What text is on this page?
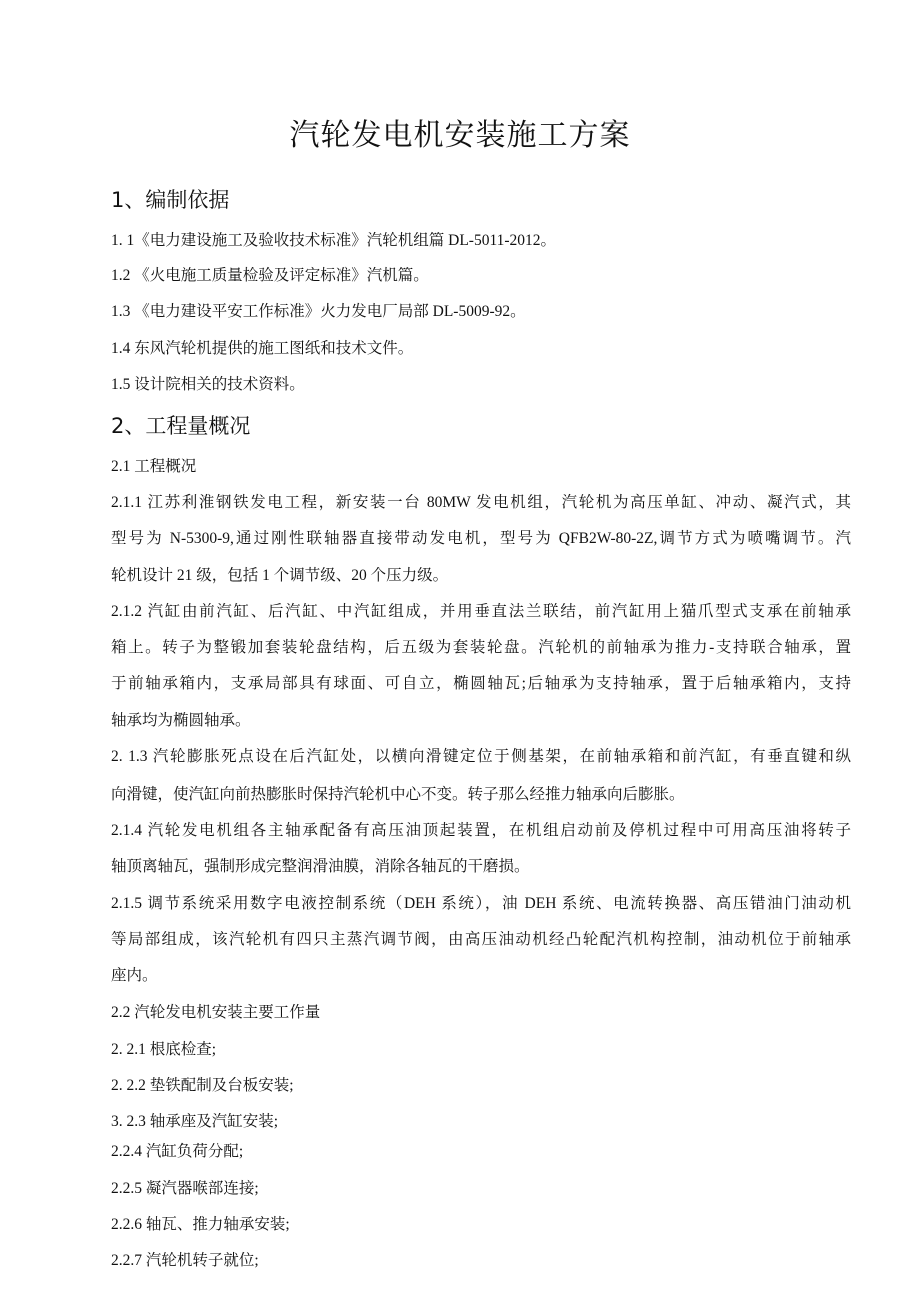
汽轮发电机安装施工方案
1、编制依据
1. 1《电力建设施工及验收技术标准》汽轮机组篇 DL-5011-2012。
1.2 《火电施工质量检验及评定标准》汽机篇。
1.3 《电力建设平安工作标准》火力发电厂局部 DL-5009-92。
1.4 东风汽轮机提供的施工图纸和技术文件。
1.5 设计院相关的技术资料。
2、工程量概况
2.1 工程概况
2.1.1 江苏利淮钢铁发电工程，新安装一台 80MW 发电机组，汽轮机为高压单缸、冲动、凝汽式，其
型号为 N-5300-9,通过刚性联轴器直接带动发电机，型号为 QFB2W-80-2Z,调节方式为喷嘴调节。汽
轮机设计 21 级，包括 1 个调节级、20 个压力级。
2.1.2 汽缸由前汽缸、后汽缸、中汽缸组成，并用垂直法兰联结，前汽缸用上猫爪型式支承在前轴承
箱上。转子为整锻加套装轮盘结构，后五级为套装轮盘。汽轮机的前轴承为推力-支持联合轴承，置
于前轴承箱内，支承局部具有球面、可自立，椭圆轴瓦;后轴承为支持轴承，置于后轴承箱内，支持
轴承均为椭圆轴承。
2. 1.3 汽轮膨胀死点设在后汽缸处，以横向滑键定位于侧基架，在前轴承箱和前汽缸，有垂直键和纵
向滑键，使汽缸向前热膨胀时保持汽轮机中心不变。转子那么经推力轴承向后膨胀。
2.1.4 汽轮发电机组各主轴承配备有高压油顶起装置，在机组启动前及停机过程中可用高压油将转子
轴顶离轴瓦，强制形成完整润滑油膜，消除各轴瓦的干磨损。
2.1.5 调节系统采用数字电液控制系统（DEH 系统），油 DEH 系统、电流转换器、高压错油门油动机
等局部组成，该汽轮机有四只主蒸汽调节阀，由高压油动机经凸轮配汽机构控制，油动机位于前轴承
座内。
2.2 汽轮发电机安装主要工作量
2. 2.1 根底检查;
2. 2.2 垫铁配制及台板安装;
3. 2.3 轴承座及汽缸安装;
2.2.4 汽缸负荷分配;
2.2.5 凝汽器喉部连接;
2.2.6 轴瓦、推力轴承安装;
2.2.7 汽轮机转子就位;
